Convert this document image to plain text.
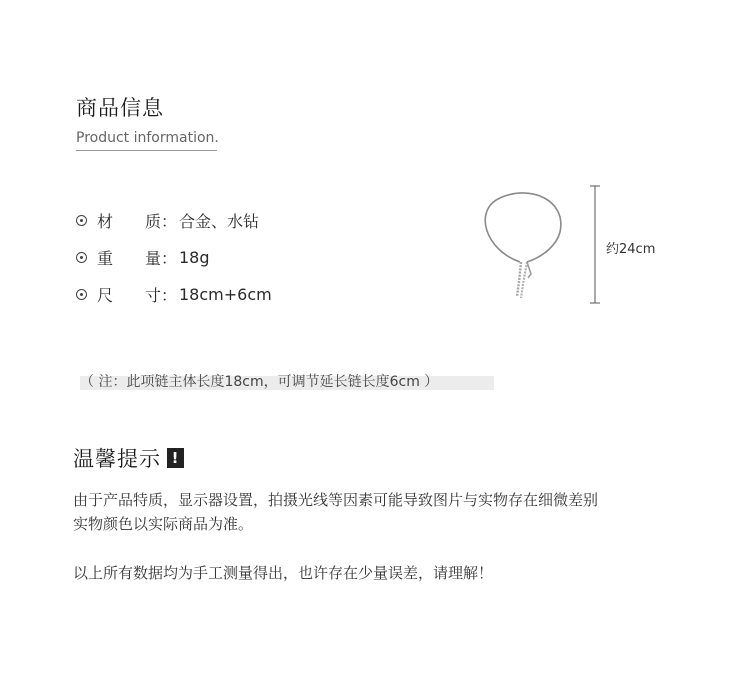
商品信息
Product information.
材　　质： 合金、水钻
重　　量： 18g
尺　　寸： 18cm+6cm
约24cm
（ 注：此项链主体长度18cm，可调节延长链长度6cm ）
温馨提示 !
由于产品特质，显示器设置，拍摄光线等因素可能导致图片与实物存在细微差别
实物颜色以实际商品为准。
以上所有数据均为手工测量得出，也许存在少量误差，请理解！
